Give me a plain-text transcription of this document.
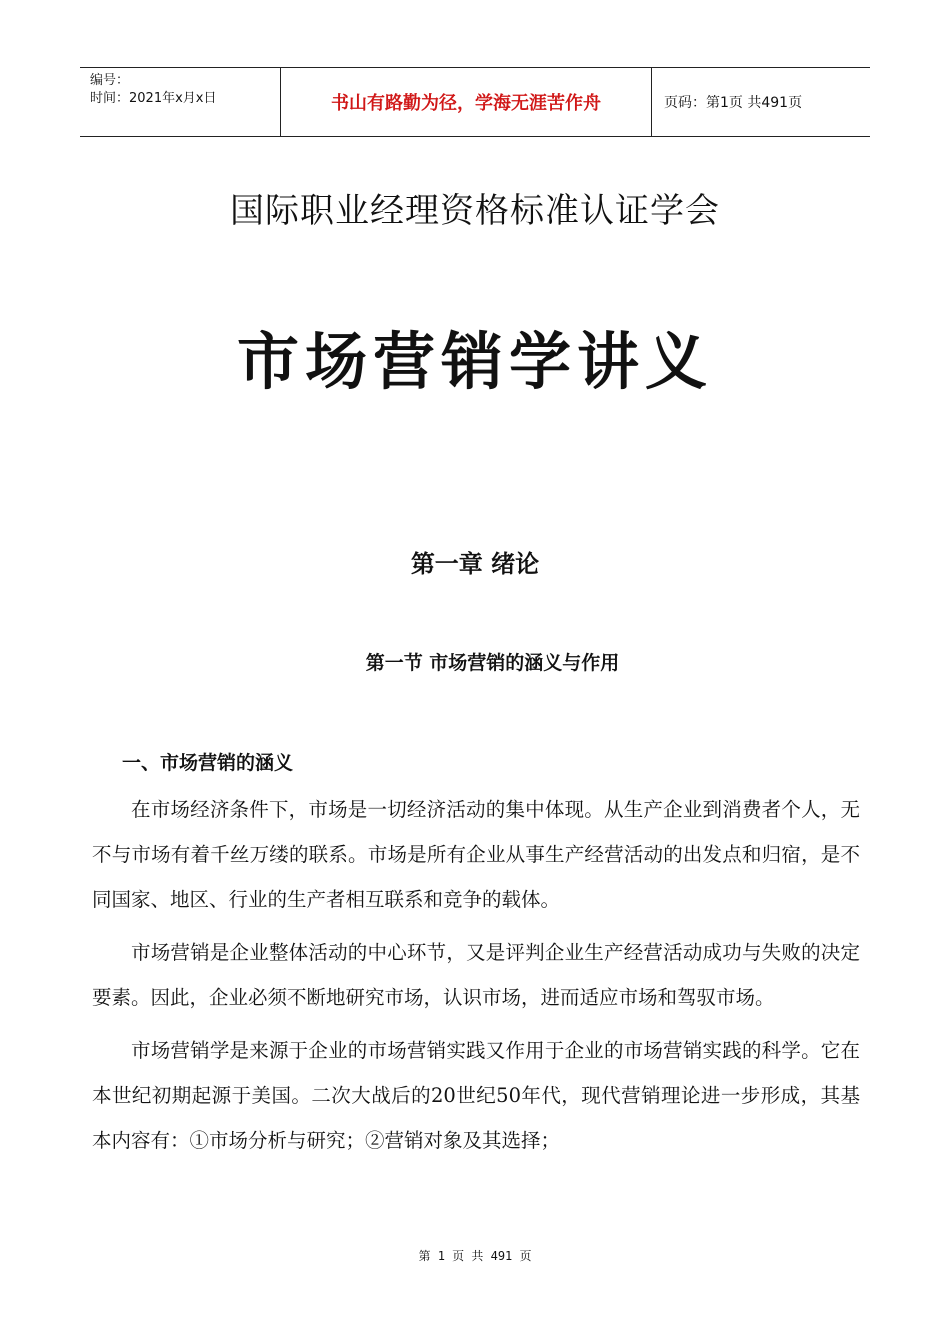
编号：
时间：2021年x月x日	书山有路勤为径，学海无涯苦作舟	页码：第1页 共491页
国际职业经理资格标准认证学会
市场营销学讲义
第一章 绪论
第一节 市场营销的涵义与作用
一、市场营销的涵义

在市场经济条件下，市场是一切经济活动的集中体现。从生产企业到消费者个人，无不与市场有着千丝万缕的联系。市场是所有企业从事生产经营活动的出发点和归宿，是不同国家、地区、行业的生产者相互联系和竞争的载体。

市场营销是企业整体活动的中心环节，又是评判企业生产经营活动成功与失败的决定要素。因此，企业必须不断地研究市场，认识市场，进而适应市场和驾驭市场。

市场营销学是来源于企业的市场营销实践又作用于企业的市场营销实践的科学。它在本世纪初期起源于美国。二次大战后的20世纪50年代，现代营销理论进一步形成，其基本内容有：①市场分析与研究；②营销对象及其选择；

第 1 页 共 491 页
